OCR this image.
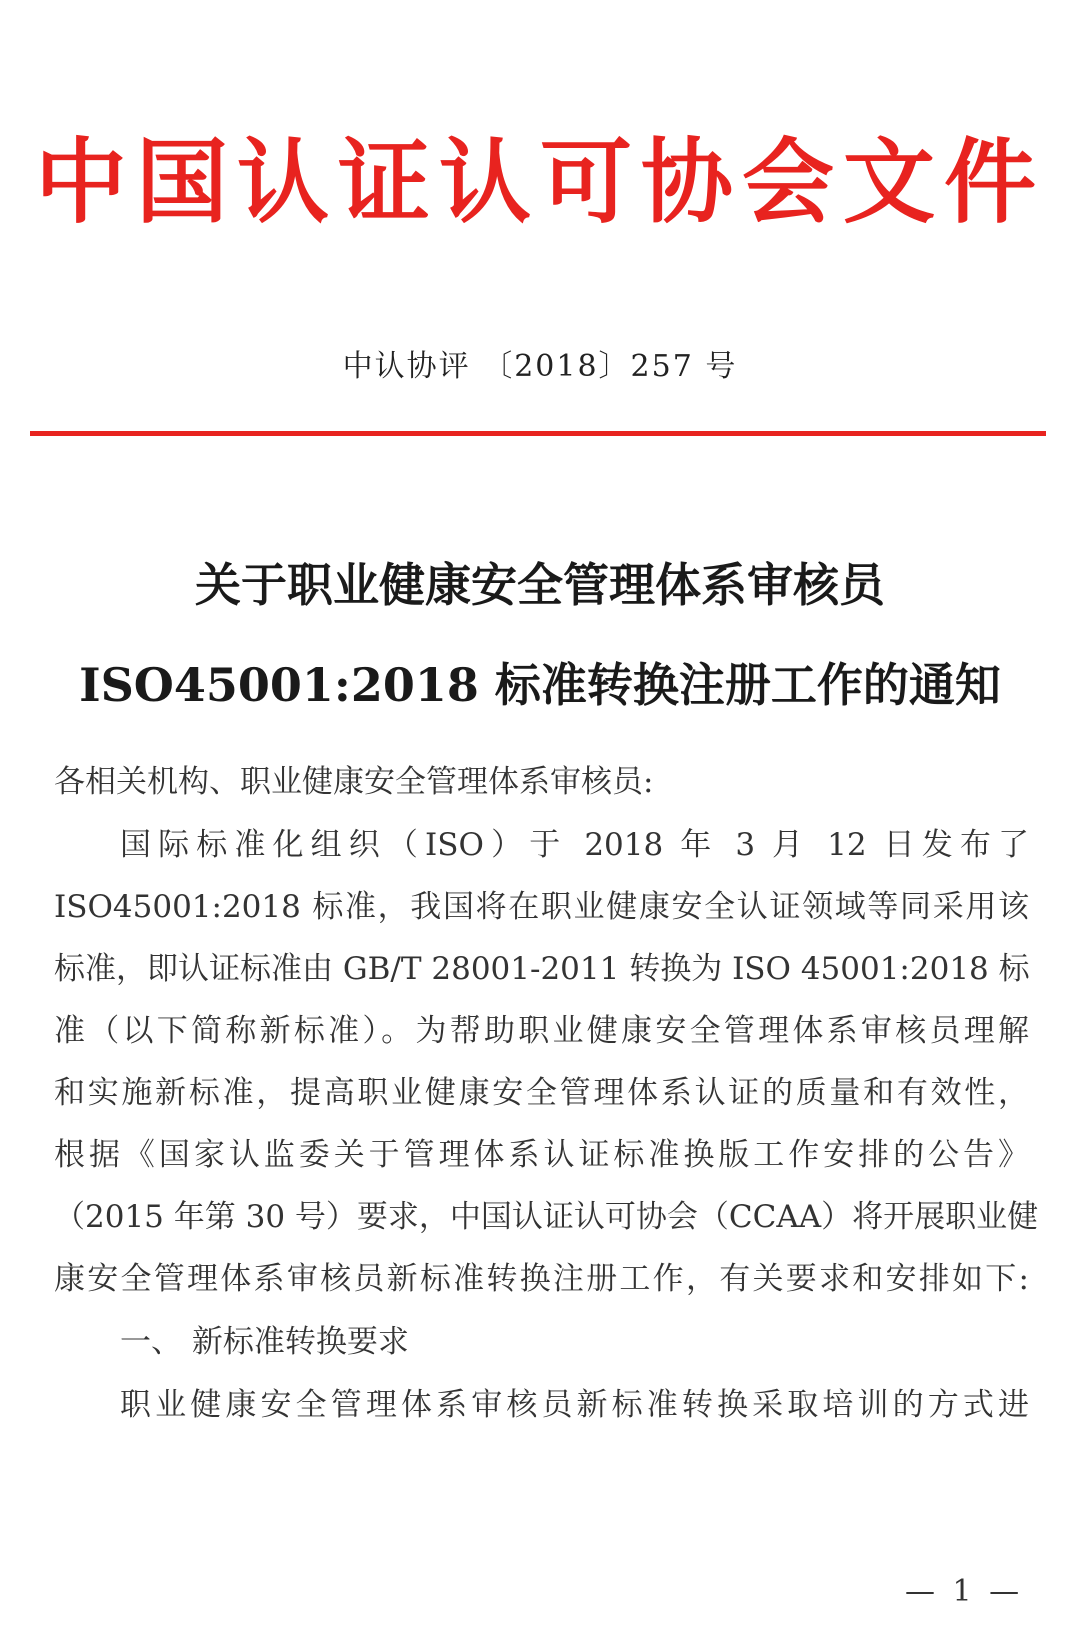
中国认证认可协会文件
中认协评 〔2018〕257 号
关于职业健康安全管理体系审核员
ISO45001:2018 标准转换注册工作的通知
各相关机构、职业健康安全管理体系审核员:
国际标准化组织（ISO）于 2018 年 3 月 12 日发布了
ISO45001:2018 标准，我国将在职业健康安全认证领域等同采用该
标准，即认证标准由 GB/T 28001-2011 转换为 ISO 45001:2018 标
准（以下简称新标准）。为帮助职业健康安全管理体系审核员理解
和实施新标准，提高职业健康安全管理体系认证的质量和有效性，
根据《国家认监委关于管理体系认证标准换版工作安排的公告》
（2015 年第 30 号）要求，中国认证认可协会（CCAA）将开展职业健
康安全管理体系审核员新标准转换注册工作，有关要求和安排如下:
一、 新标准转换要求
职业健康安全管理体系审核员新标准转换采取培训的方式进
— 1 —
